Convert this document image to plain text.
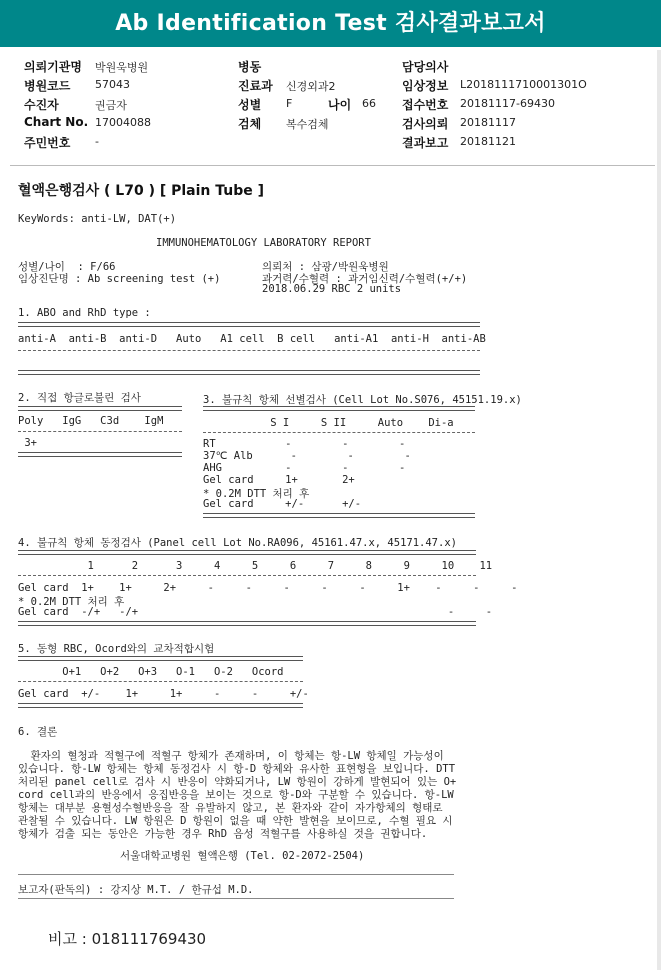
Ab Identification Test 검사결과보고서
의뢰기관명 박원욱병원	병동	담당의사
병원코드 57043	진료과 신경외과2	임상정보 L2018111710001301O
수진자	권금자	성별 F	나이 66 접수번호 20181117-69430
Chart No. 17004088	검체 복수검체	검사의뢰 20181117
주민번호 -	결과보고 20181121
혈액은행검사 ( L70 ) [ Plain Tube ]
KeyWords: anti-LW, DAT(+)
IMMUNOHEMATOLOGY LABORATORY REPORT
성별/나이  : F/66
임상진단명 : Ab screening test (+)
의뢰처 : 삼광/박원욱병원
과거력/수혈력 : 과거임신력/수혈력(+/+)
2018.06.29 RBC 2 units
1. ABO and RhD type :
anti-A  anti-B  anti-D   Auto   A1 cell  B cell   anti-A1  anti-H  anti-AB
2. 직접 항글로불린 검사
Poly   IgG   C3d    IgM
3+
3. 불규칙 항체 선별검사 (Cell Lot No.S076, 45151.19.x)
S I     S II     Auto    Di-a
RT           -        -        -
37℃ Alb      -        -        -
AHG          -        -        -
Gel card     1+       2+
* 0.2M DTT 처리 후
Gel card     +/-      +/-
4. 불규칙 항체 동정검사 (Panel cell Lot No.RA096, 45161.47.x, 45171.47.x)
1      2      3     4     5     6     7     8     9     10    11
Gel card  1+    1+     2+     -     -     -     -     -     1+    -     -     -
* 0.2M DTT 처리 후
Gel card  -/+   -/+                                                 -     -
5. 동형 RBC, Ocord와의 교차적합시험
O+1   O+2   O+3   O-1   O-2   Ocord
Gel card  +/-    1+     1+     -     -     +/-
6. 결론
환자의 혈청과 적혈구에 적혈구 항체가 존재하며, 이 항체는 항-LW 항체일 가능성이
있습니다. 항-LW 항체는 항체 동정검사 시 항-D 항체와 유사한 표현형을 보입니다. DTT
처리된 panel cell로 검사 시 반응이 약화되거나, LW 항원이 강하게 발현되어 있는 O+
cord cell과의 반응에서 응집반응을 보이는 것으로 항-D와 구분할 수 있습니다. 항-LW
항체는 대부분 용혈성수혈반응을 잘 유발하지 않고, 본 환자와 같이 자가항체의 형태로
관찰될 수 있습니다. LW 항원은 D 항원이 없을 때 약한 발현을 보이므로, 수혈 필요 시
항체가 검출 되는 동안은 가능한 경우 RhD 음성 적혈구를 사용하실 것을 권합니다.
서울대학교병원 혈액은행 (Tel. 02-2072-2504)
보고자(판독의) : 강지상 M.T. / 한규섭 M.D.
비고 : 018111769430
